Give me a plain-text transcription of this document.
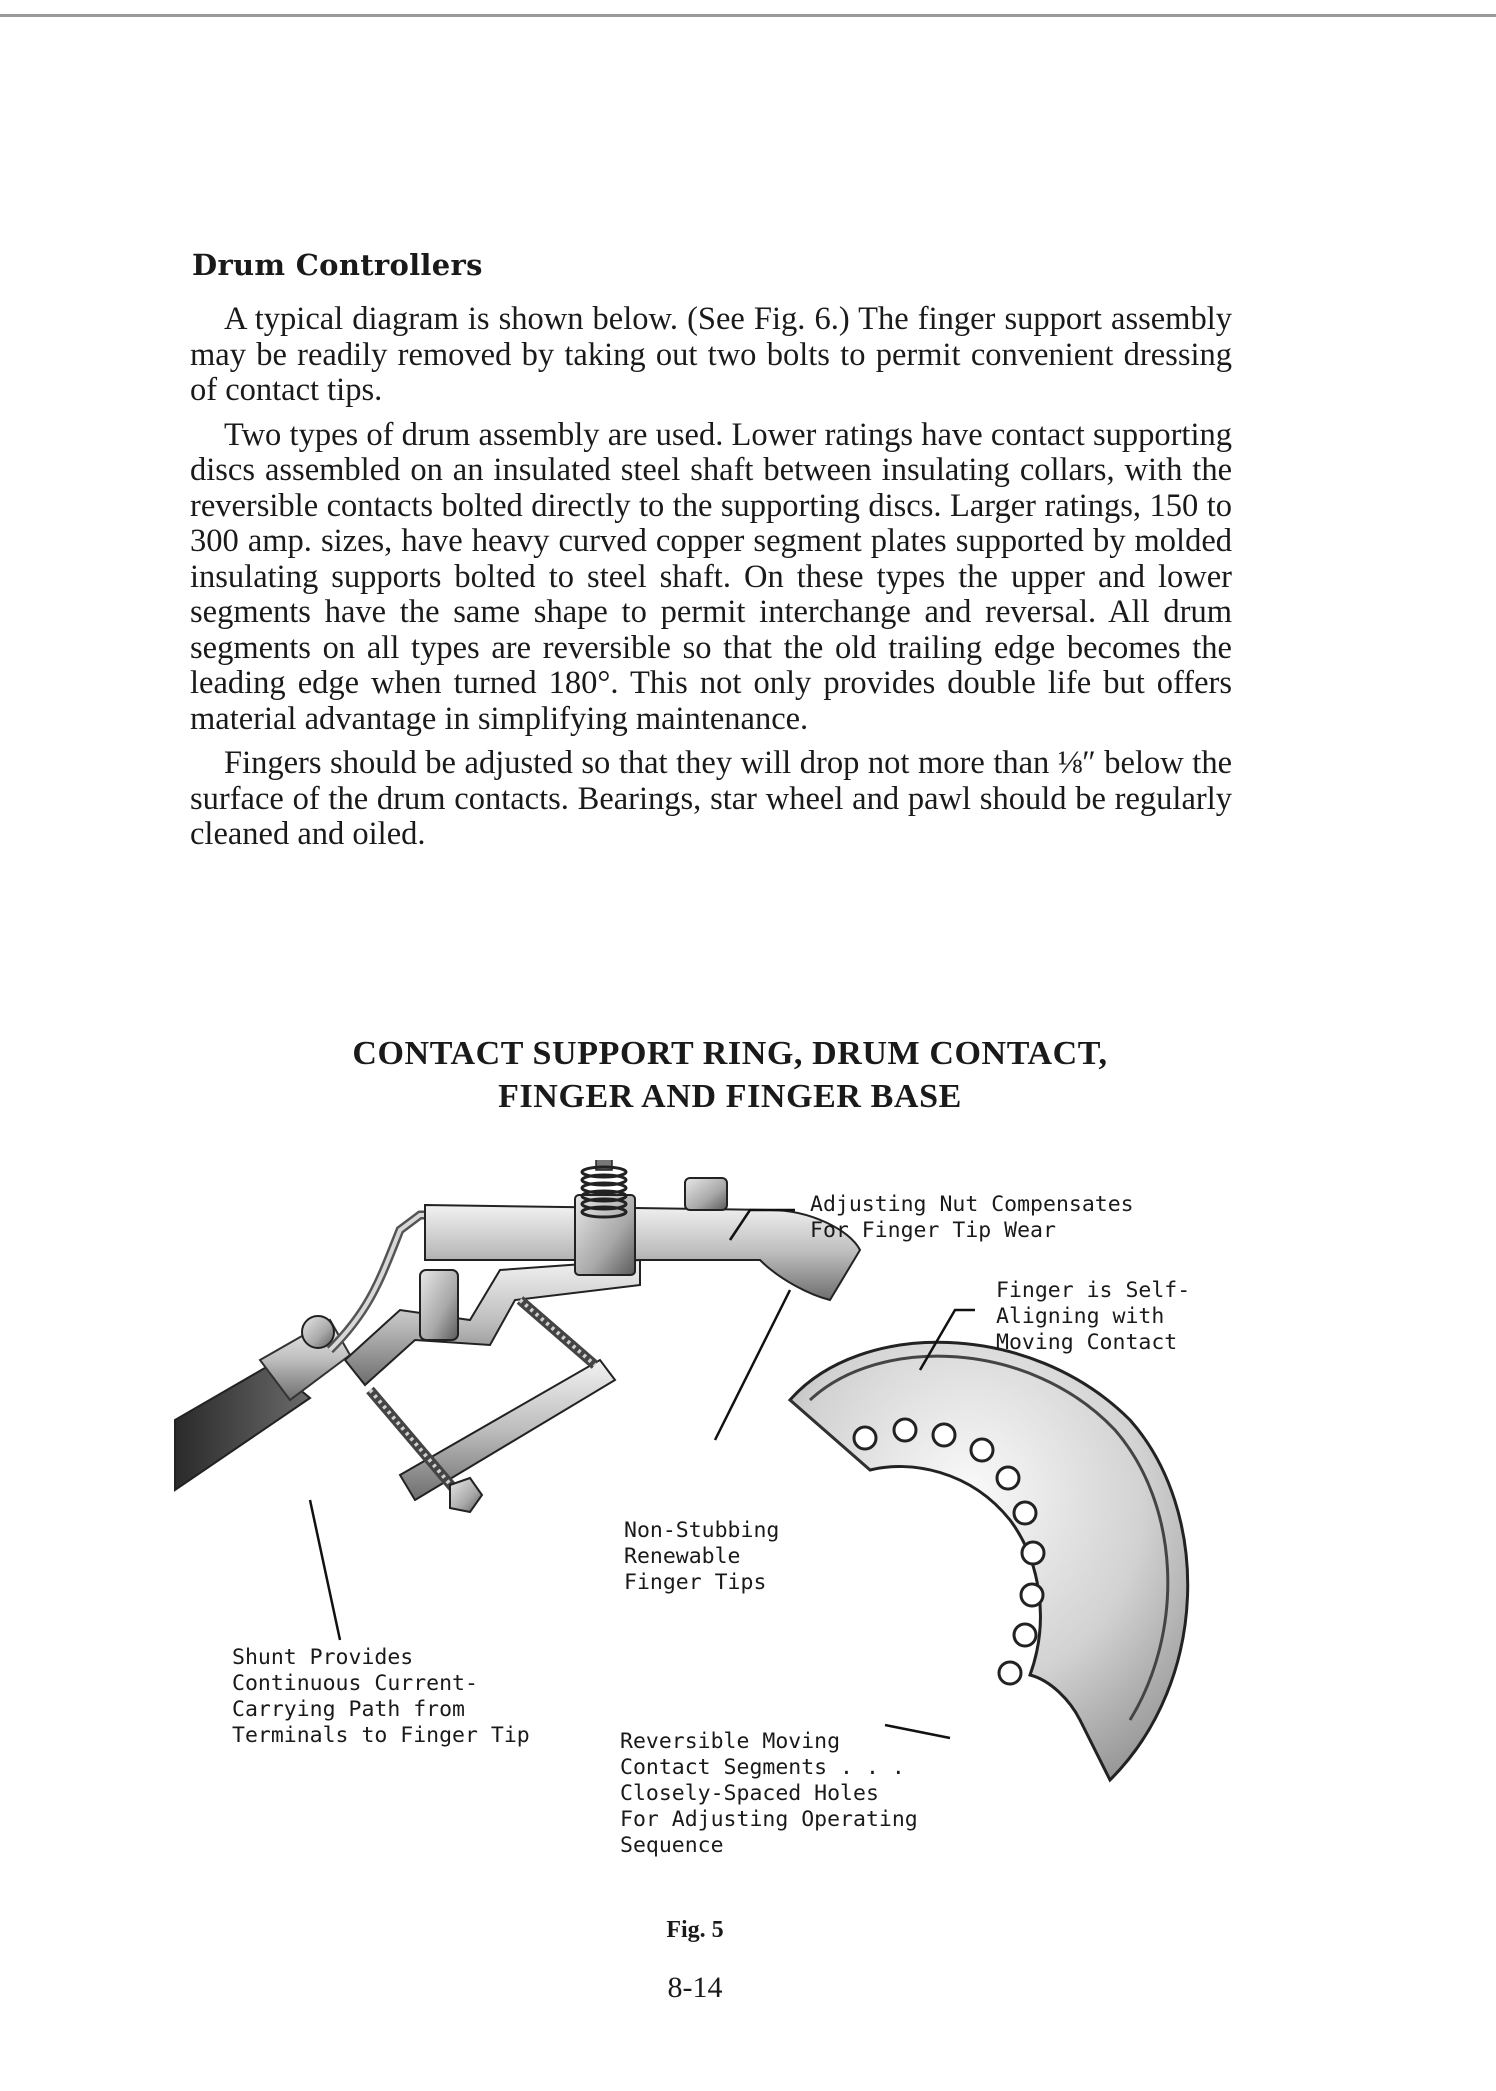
Drum Controllers

A typical diagram is shown below. (See Fig. 6.) The finger support assembly may be readily removed by taking out two bolts to permit convenient dressing of contact tips.

Two types of drum assembly are used. Lower ratings have contact supporting discs assembled on an insulated steel shaft between insulating collars, with the reversible contacts bolted directly to the supporting discs. Larger ratings, 150 to 300 amp. sizes, have heavy curved copper segment plates supported by molded insulating supports bolted to steel shaft. On these types the upper and lower segments have the same shape to permit interchange and reversal. All drum segments on all types are reversible so that the old trailing edge becomes the leading edge when turned 180°. This not only provides double life but offers material advantage in simplifying maintenance.

Fingers should be adjusted so that they will drop not more than ⅛″ below the surface of the drum contacts. Bearings, star wheel and pawl should be regularly cleaned and oiled.

CONTACT SUPPORT RING, DRUM CONTACT,
FINGER AND FINGER BASE
Adjusting Nut Compensates
For Finger Tip Wear
Finger is Self-
Aligning with
Moving Contact
Non-Stubbing
Renewable
Finger Tips
Shunt Provides
Continuous Current-
Carrying Path from
Terminals to Finger Tip	Reversible Moving
Contact Segments . . .
Closely-Spaced Holes
For Adjusting Operating
Sequence
Fig. 5
8-14
